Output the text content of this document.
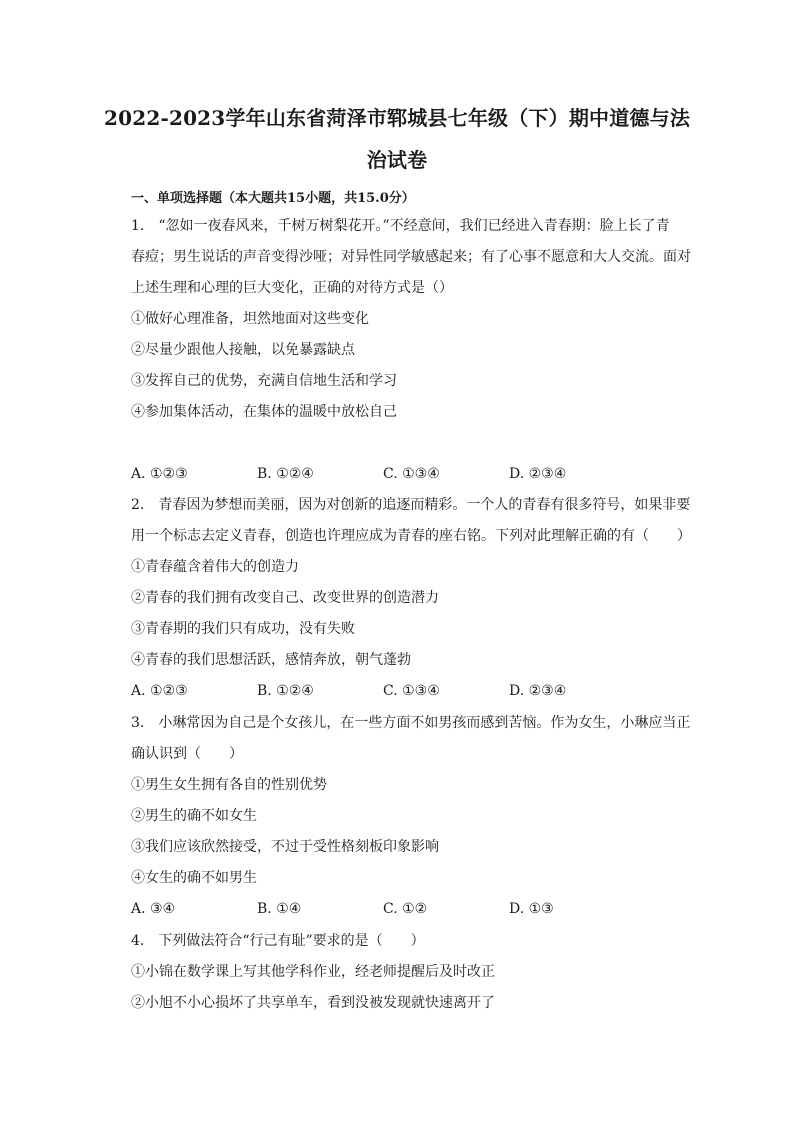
2022-2023学年山东省菏泽市郓城县七年级（下）期中道德与法
治试卷
一、单项选择题（本大题共15小题，共15.0分）
1.　“忽如一夜春风来，千树万树梨花开。”不经意间，我们已经进入青春期：脸上长了青
春痘；男生说话的声音变得沙哑；对异性同学敏感起来；有了心事不愿意和大人交流。面对
上述生理和心理的巨大变化，正确的对待方式是（）
①做好心理准备，坦然地面对这些变化
②尽量少跟他人接触，以免暴露缺点
③发挥自己的优势，充满自信地生活和学习
④参加集体活动，在集体的温暖中放松自己
A. ①②③	B. ①②④	C. ①③④	D. ②③④
2.　青春因为梦想而美丽，因为对创新的追逐而精彩。一个人的青春有很多符号，如果非要
用一个标志去定义青春，创造也许理应成为青春的座右铭。下列对此理解正确的有（　　）
①青春蕴含着伟大的创造力
②青春的我们拥有改变自己、改变世界的创造潜力
③青春期的我们只有成功，没有失败
④青春的我们思想活跃，感情奔放，朝气蓬勃
A. ①②③	B. ①②④	C. ①③④	D. ②③④
3.　小琳常因为自己是个女孩儿，在一些方面不如男孩而感到苦恼。作为女生，小琳应当正
确认识到（　　）
①男生女生拥有各自的性别优势
②男生的确不如女生
③我们应该欣然接受，不过于受性格刻板印象影响
④女生的确不如男生
A. ③④	B. ①④	C. ①②	D. ①③
4.　下列做法符合“行己有耻”要求的是（　　）
①小锦在数学课上写其他学科作业，经老师提醒后及时改正
②小旭不小心损坏了共享单车，看到没被发现就快速离开了
